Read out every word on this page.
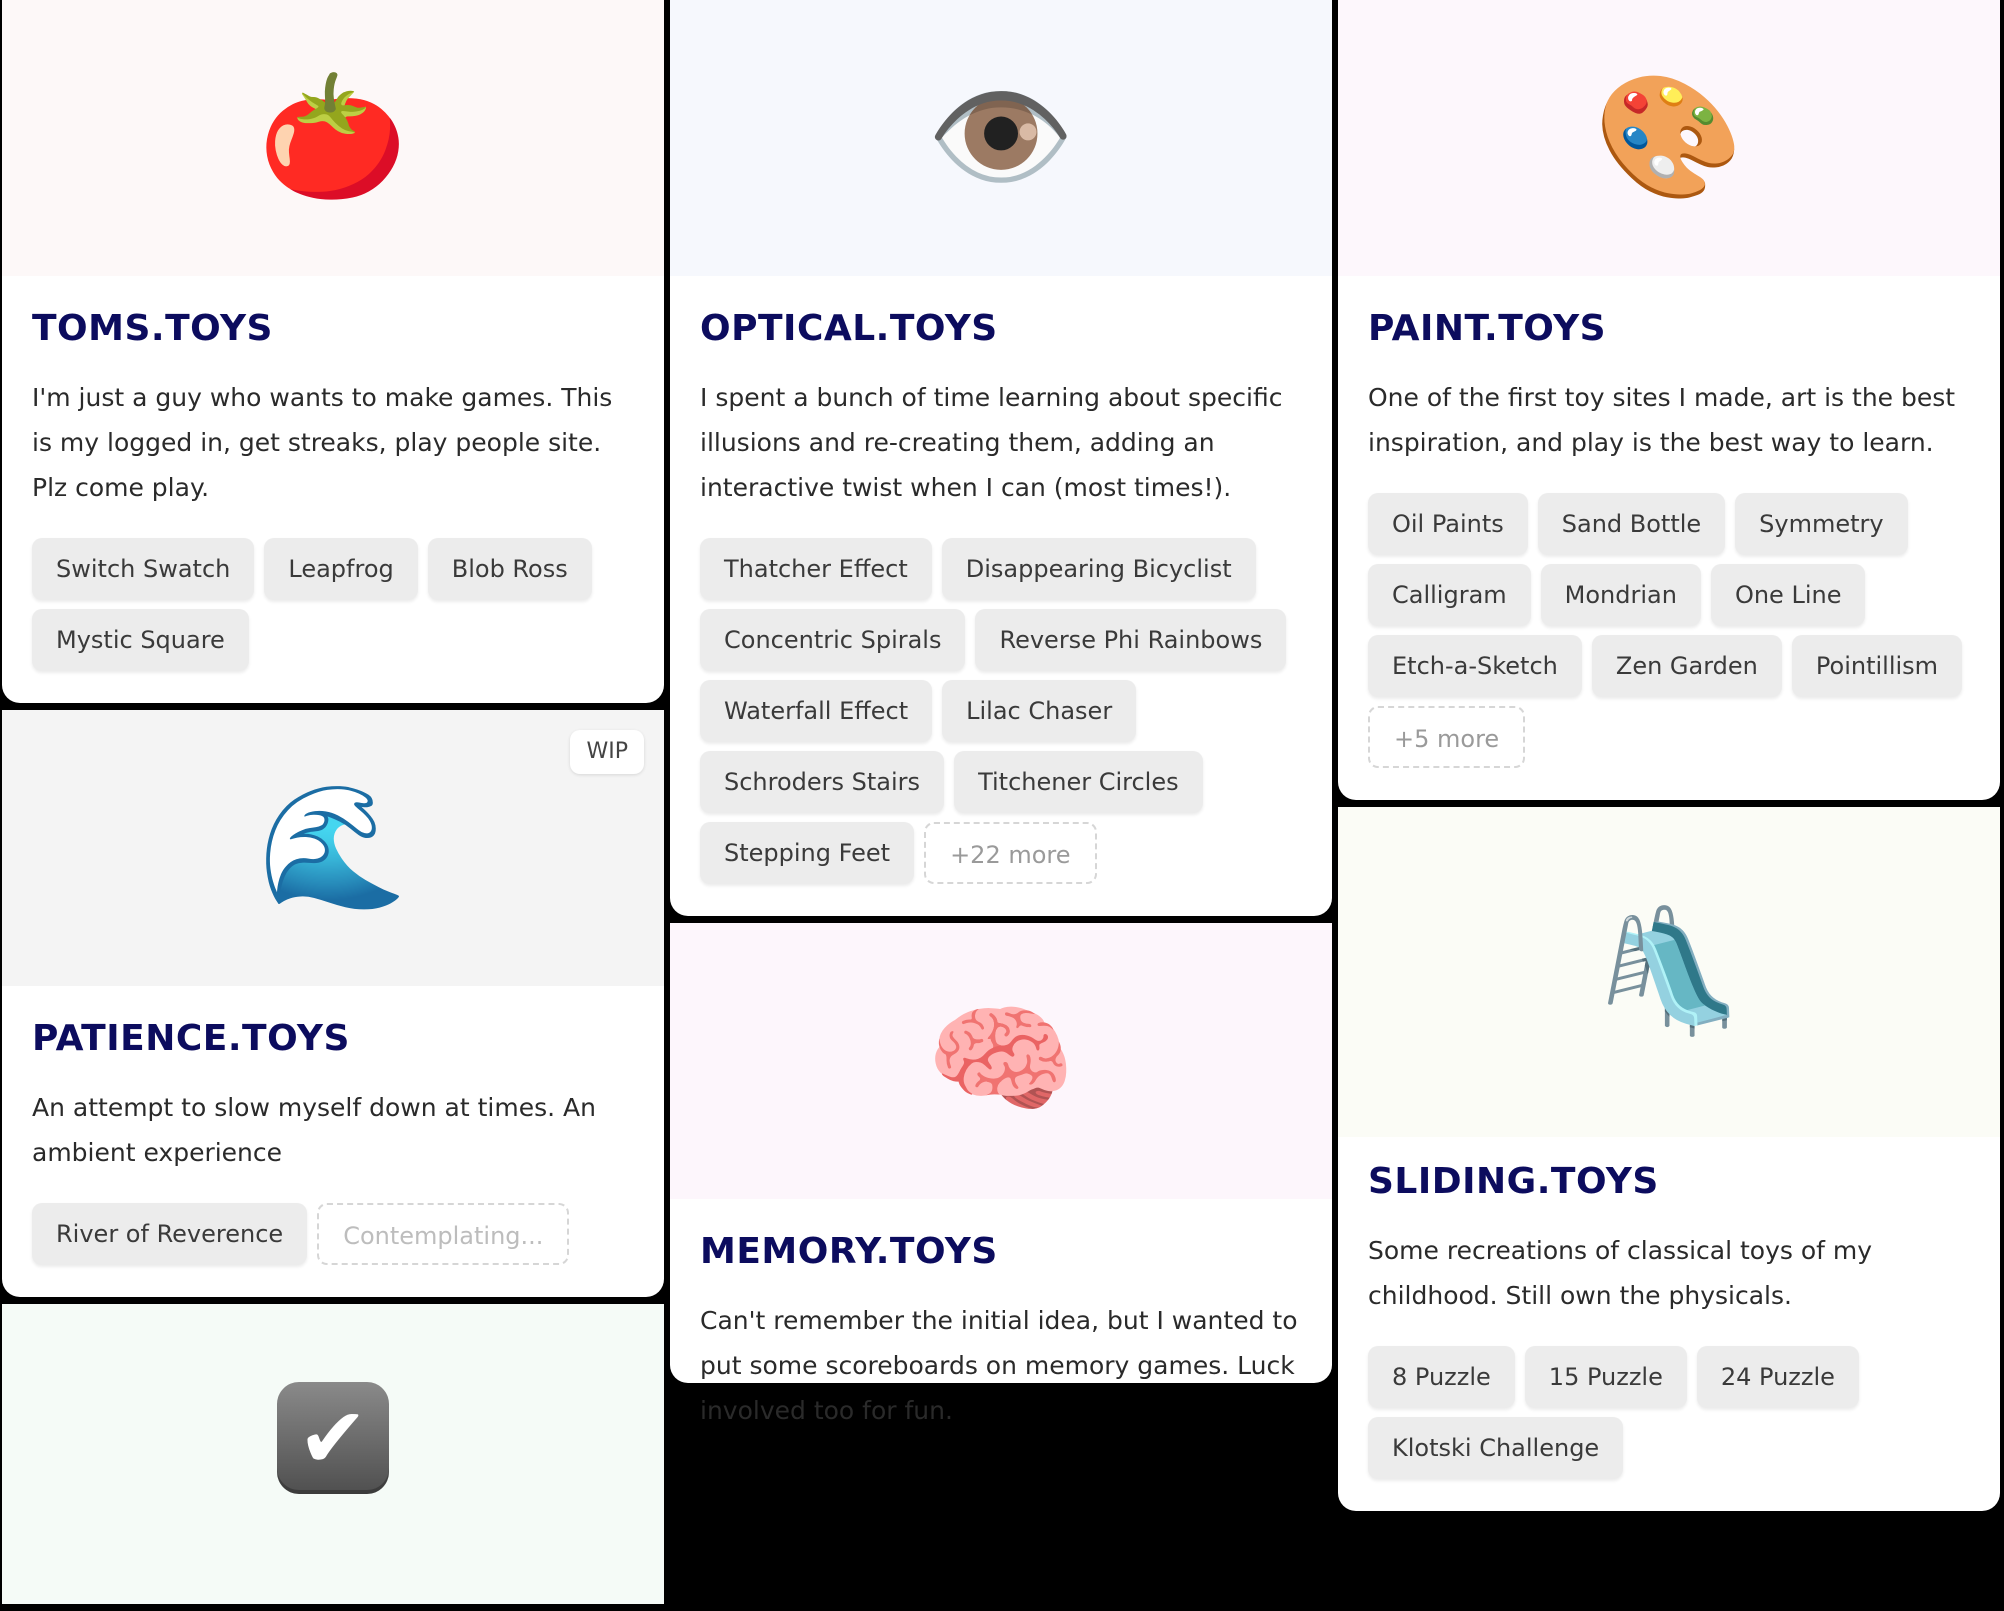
🍅
TOMS.TOYS
I'm just a guy who wants to make games. This is my logged in, get streaks, play people site. Plz come play.
Switch Swatch	Leapfrog	Blob Ross
Mystic Square
🌊
WIP
PATIENCE.TOYS
An attempt to slow myself down at times. An ambient experience
River of Reverence	Contemplating...
✔
👁️
OPTICAL.TOYS
I spent a bunch of time learning about specific illusions and re-creating them, adding an interactive twist when I can (most times!).
Thatcher Effect	Disappearing Bicyclist
Concentric Spirals	Reverse Phi Rainbows
Waterfall Effect	Lilac Chaser
Schroders Stairs	Titchener Circles
Stepping Feet	+22 more
🧠
MEMORY.TOYS
Can't remember the initial idea, but I wanted to put some scoreboards on memory games. Luck involved too for fun.
🎨
PAINT.TOYS
One of the first toy sites I made, art is the best inspiration, and play is the best way to learn.
Oil Paints	Sand Bottle	Symmetry
Calligram	Mondrian	One Line
Etch-a-Sketch	Zen Garden	Pointillism
+5 more
🛝
SLIDING.TOYS
Some recreations of classical toys of my childhood. Still own the physicals.
8 Puzzle	15 Puzzle	24 Puzzle
Klotski Challenge
